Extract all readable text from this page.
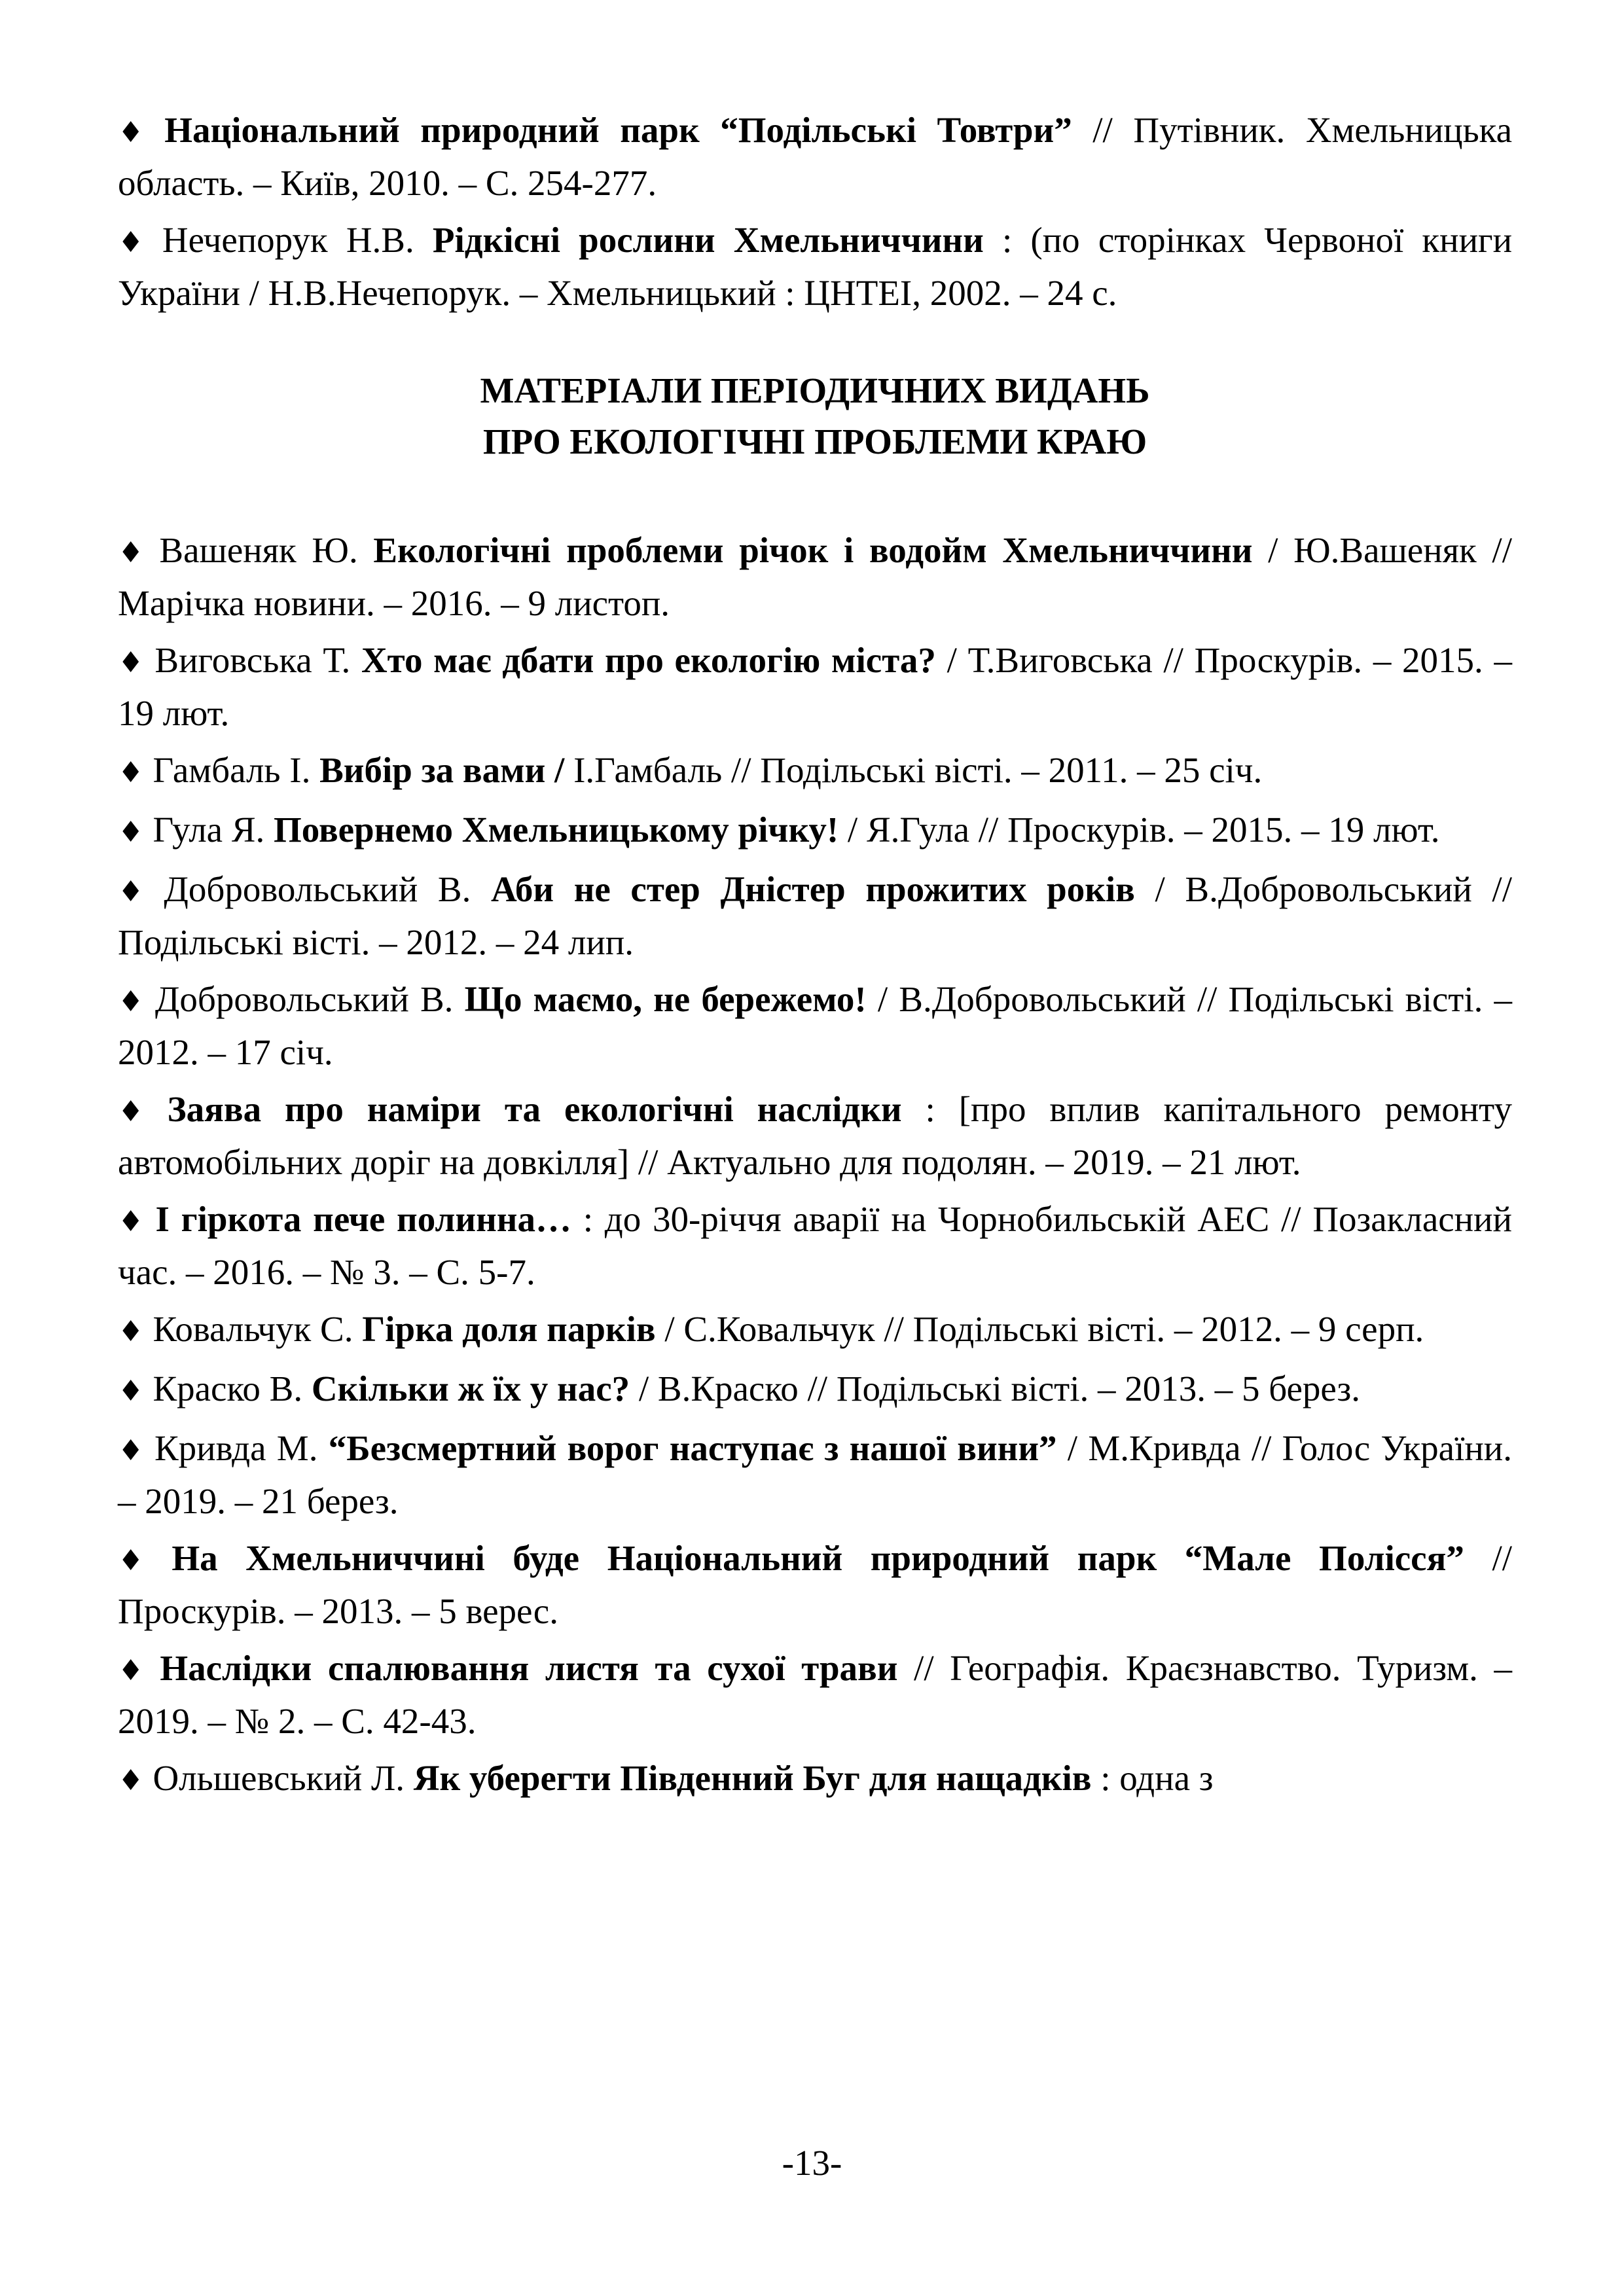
♦ Національний природний парк “Подільські Товтри” // Путівник. Хмельницька область. – Київ, 2010. – С. 254-277.

♦ Нечепорук Н.В. Рідкісні рослини Хмельниччини : (по сторінках Червоної книги України / Н.В.Нечепорук. – Хмельницький : ЦНТЕІ, 2002. – 24 с.

МАТЕРІАЛИ ПЕРІОДИЧНИХ ВИДАНЬ
ПРО ЕКОЛОГІЧНІ ПРОБЛЕМИ КРАЮ

♦ Вашеняк Ю. Екологічні проблеми річок і водойм Хмельниччини / Ю.Вашеняк // Марічка новини. – 2016. – 9 листоп.

♦ Виговська Т. Хто має дбати про екологію міста? / Т.Виговська // Проскурів. – 2015. – 19 лют.

♦ Гамбаль І. Вибір за вами / І.Гамбаль // Подільські вісті. – 2011. – 25 січ.

♦ Гула Я. Повернемо Хмельницькому річку! / Я.Гула // Проскурів. – 2015. – 19 лют.

♦ Добровольський В. Аби не стер Дністер прожитих років / В.Добровольський // Подільські вісті. – 2012. – 24 лип.

♦ Добровольський В. Що маємо, не бережемо! / В.Добровольський // Подільські вісті. – 2012. – 17 січ.

♦ Заява про наміри та екологічні наслідки : [про вплив капітального ремонту автомобільних доріг на довкілля] // Актуально для подолян. – 2019. – 21 лют.

♦ І гіркота пече полинна… : до 30-річчя аварії на Чорнобильській АЕС // Позакласний час. – 2016. – № 3. – С. 5-7.

♦ Ковальчук С. Гірка доля парків / С.Ковальчук // Подільські вісті. – 2012. – 9 серп.

♦ Краско В. Скільки ж їх у нас? / В.Краско // Подільські вісті. – 2013. – 5 берез.

♦ Кривда М. “Безсмертний ворог наступає з нашої вини” / М.Кривда // Голос України. – 2019. – 21 берез.

♦ На Хмельниччині буде Національний природний парк “Мале Полісся” // Проскурів. – 2013. – 5 верес.

♦ Наслідки спалювання листя та сухої трави // Географія. Краєзнавство. Туризм. – 2019. – № 2. – С. 42-43.

♦ Ольшевський Л. Як уберегти Південний Буг для нащадків : одна з

-13-
